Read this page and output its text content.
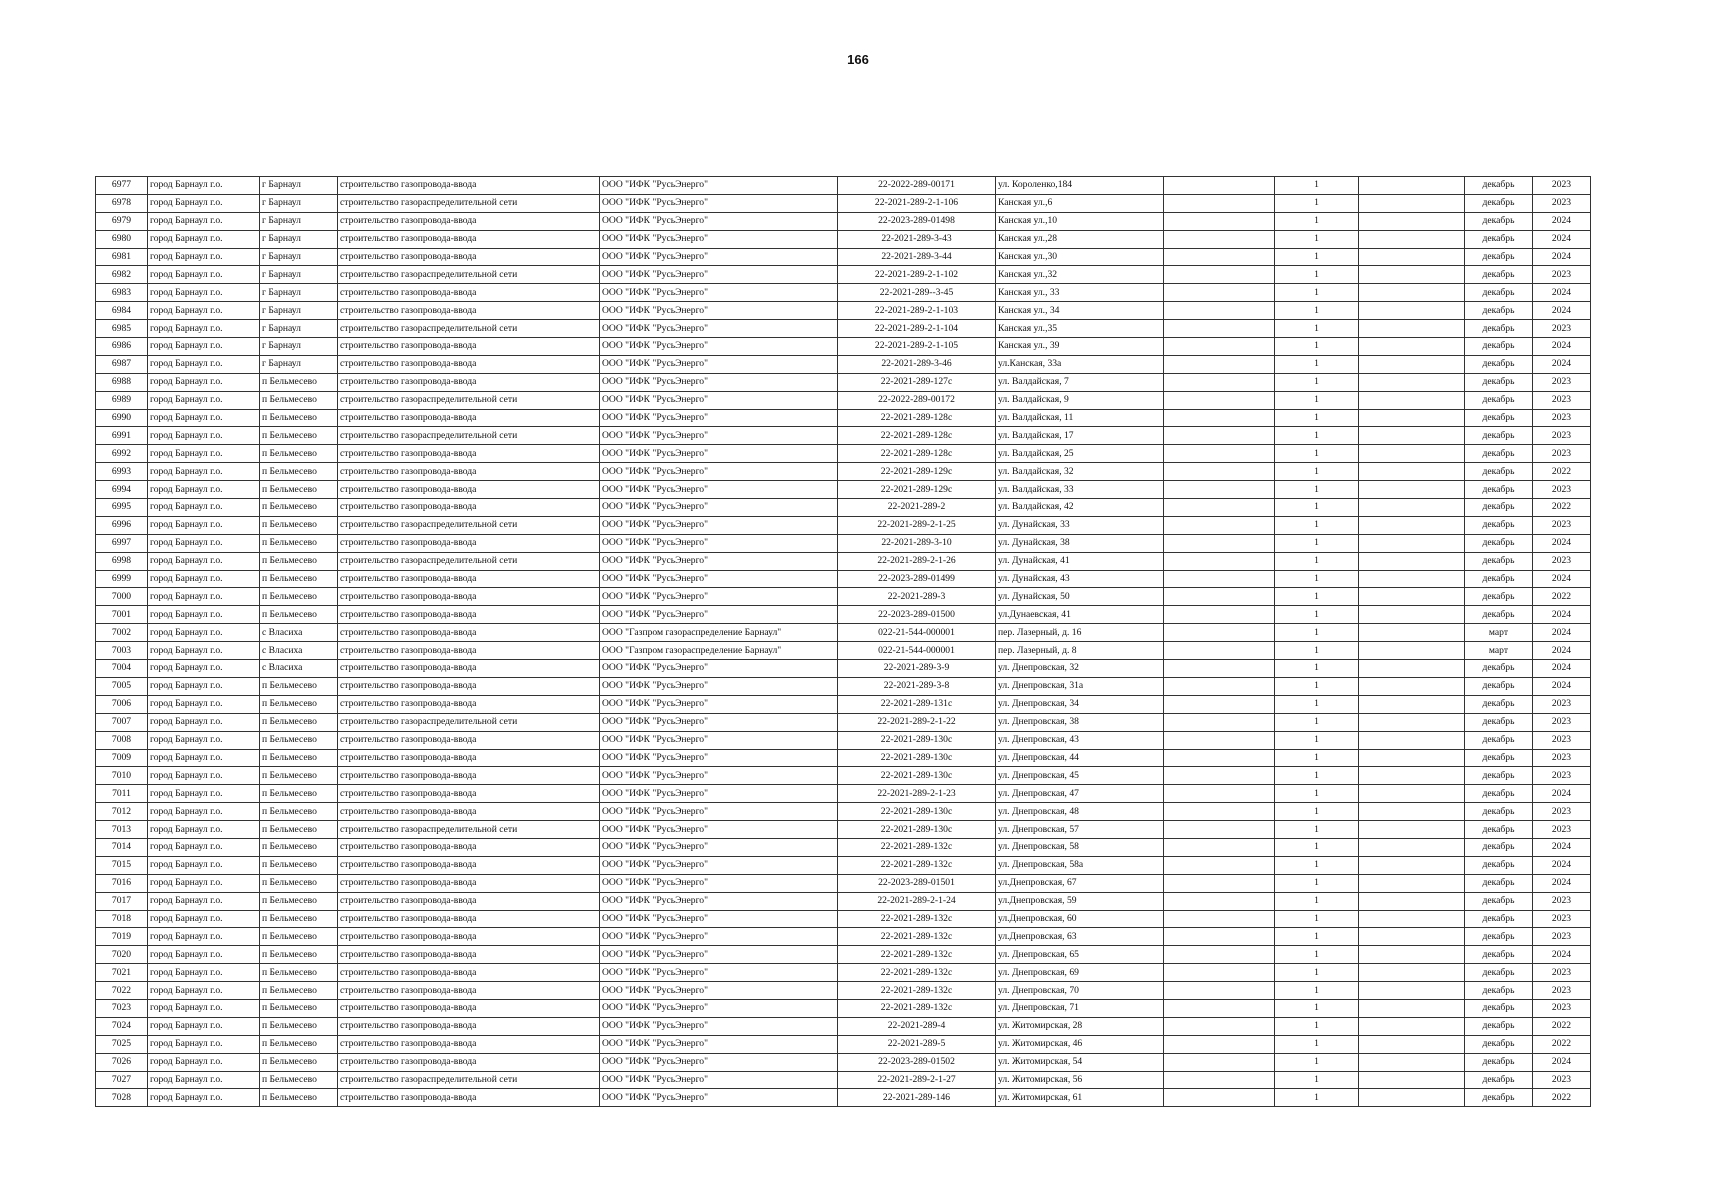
166
6977	город Барнаул г.о.	г Барнаул	строительство газопровода-ввода	ООО "ИФК "РусьЭнерго"	22-2022-289-00171	ул. Короленко,184		1		декабрь	2023
6978	город Барнаул г.о.	г Барнаул	строительство газораспределительной сети	ООО "ИФК "РусьЭнерго"	22-2021-289-2-1-106	Канская ул.,6		1		декабрь	2023
6979	город Барнаул г.о.	г Барнаул	строительство газопровода-ввода	ООО "ИФК "РусьЭнерго"	22-2023-289-01498	Канская ул.,10		1		декабрь	2024
6980	город Барнаул г.о.	г Барнаул	строительство газопровода-ввода	ООО "ИФК "РусьЭнерго"	22-2021-289-3-43	Канская ул.,28		1		декабрь	2024
6981	город Барнаул г.о.	г Барнаул	строительство газопровода-ввода	ООО "ИФК "РусьЭнерго"	22-2021-289-3-44	Канская ул.,30		1		декабрь	2024
6982	город Барнаул г.о.	г Барнаул	строительство газораспределительной сети	ООО "ИФК "РусьЭнерго"	22-2021-289-2-1-102	Канская ул.,32		1		декабрь	2023
6983	город Барнаул г.о.	г Барнаул	строительство газопровода-ввода	ООО "ИФК "РусьЭнерго"	22-2021-289--3-45	Канская ул., 33		1		декабрь	2024
6984	город Барнаул г.о.	г Барнаул	строительство газопровода-ввода	ООО "ИФК "РусьЭнерго"	22-2021-289-2-1-103	Канская ул., 34		1		декабрь	2024
6985	город Барнаул г.о.	г Барнаул	строительство газораспределительной сети	ООО "ИФК "РусьЭнерго"	22-2021-289-2-1-104	Канская ул.,35		1		декабрь	2023
6986	город Барнаул г.о.	г Барнаул	строительство газопровода-ввода	ООО "ИФК "РусьЭнерго"	22-2021-289-2-1-105	Канская ул., 39		1		декабрь	2024
6987	город Барнаул г.о.	г Барнаул	строительство газопровода-ввода	ООО "ИФК "РусьЭнерго"	22-2021-289-3-46	ул.Канская, 33а		1		декабрь	2024
6988	город Барнаул г.о.	п Бельмесево	строительство газопровода-ввода	ООО "ИФК "РусьЭнерго"	22-2021-289-127с	ул. Валдайская, 7		1		декабрь	2023
6989	город Барнаул г.о.	п Бельмесево	строительство газораспределительной сети	ООО "ИФК "РусьЭнерго"	22-2022-289-00172	ул. Валдайская, 9		1		декабрь	2023
6990	город Барнаул г.о.	п Бельмесево	строительство газопровода-ввода	ООО "ИФК "РусьЭнерго"	22-2021-289-128с	ул. Валдайская, 11		1		декабрь	2023
6991	город Барнаул г.о.	п Бельмесево	строительство газораспределительной сети	ООО "ИФК "РусьЭнерго"	22-2021-289-128с	ул. Валдайская, 17		1		декабрь	2023
6992	город Барнаул г.о.	п Бельмесево	строительство газопровода-ввода	ООО "ИФК "РусьЭнерго"	22-2021-289-128с	ул. Валдайская, 25		1		декабрь	2023
6993	город Барнаул г.о.	п Бельмесево	строительство газопровода-ввода	ООО "ИФК "РусьЭнерго"	22-2021-289-129с	ул. Валдайская, 32		1		декабрь	2022
6994	город Барнаул г.о.	п Бельмесево	строительство газопровода-ввода	ООО "ИФК "РусьЭнерго"	22-2021-289-129с	ул. Валдайская, 33		1		декабрь	2023
6995	город Барнаул г.о.	п Бельмесево	строительство газопровода-ввода	ООО "ИФК "РусьЭнерго"	22-2021-289-2	ул. Валдайская, 42		1		декабрь	2022
6996	город Барнаул г.о.	п Бельмесево	строительство газораспределительной сети	ООО "ИФК "РусьЭнерго"	22-2021-289-2-1-25	ул. Дунайская, 33		1		декабрь	2023
6997	город Барнаул г.о.	п Бельмесево	строительство газопровода-ввода	ООО "ИФК "РусьЭнерго"	22-2021-289-3-10	ул. Дунайская, 38		1		декабрь	2024
6998	город Барнаул г.о.	п Бельмесево	строительство газораспределительной сети	ООО "ИФК "РусьЭнерго"	22-2021-289-2-1-26	ул. Дунайская, 41		1		декабрь	2023
6999	город Барнаул г.о.	п Бельмесево	строительство газопровода-ввода	ООО "ИФК "РусьЭнерго"	22-2023-289-01499	ул. Дунайская, 43		1		декабрь	2024
7000	город Барнаул г.о.	п Бельмесево	строительство газопровода-ввода	ООО "ИФК "РусьЭнерго"	22-2021-289-3	ул. Дунайская, 50		1		декабрь	2022
7001	город Барнаул г.о.	п Бельмесево	строительство газопровода-ввода	ООО "ИФК "РусьЭнерго"	22-2023-289-01500	ул.Дунаевская, 41		1		декабрь	2024
7002	город Барнаул г.о.	с Власиха	строительство газопровода-ввода	ООО "Газпром газораспределение Барнаул"	022-21-544-000001	пер. Лазерный, д. 16		1		март	2024
7003	город Барнаул г.о.	с Власиха	строительство газопровода-ввода	ООО "Газпром газораспределение Барнаул"	022-21-544-000001	пер. Лазерный, д. 8		1		март	2024
7004	город Барнаул г.о.	с Власиха	строительство газопровода-ввода	ООО "ИФК "РусьЭнерго"	22-2021-289-3-9	ул. Днепровская, 32		1		декабрь	2024
7005	город Барнаул г.о.	п Бельмесево	строительство газопровода-ввода	ООО "ИФК "РусьЭнерго"	22-2021-289-3-8	ул. Днепровская, 31а		1		декабрь	2024
7006	город Барнаул г.о.	п Бельмесево	строительство газопровода-ввода	ООО "ИФК "РусьЭнерго"	22-2021-289-131с	ул. Днепровская, 34		1		декабрь	2023
7007	город Барнаул г.о.	п Бельмесево	строительство газораспределительной сети	ООО "ИФК "РусьЭнерго"	22-2021-289-2-1-22	ул. Днепровская, 38		1		декабрь	2023
7008	город Барнаул г.о.	п Бельмесево	строительство газопровода-ввода	ООО "ИФК "РусьЭнерго"	22-2021-289-130с	ул. Днепровская, 43		1		декабрь	2023
7009	город Барнаул г.о.	п Бельмесево	строительство газопровода-ввода	ООО "ИФК "РусьЭнерго"	22-2021-289-130с	ул. Днепровская, 44		1		декабрь	2023
7010	город Барнаул г.о.	п Бельмесево	строительство газопровода-ввода	ООО "ИФК "РусьЭнерго"	22-2021-289-130с	ул. Днепровская, 45		1		декабрь	2023
7011	город Барнаул г.о.	п Бельмесево	строительство газопровода-ввода	ООО "ИФК "РусьЭнерго"	22-2021-289-2-1-23	ул. Днепровская, 47		1		декабрь	2024
7012	город Барнаул г.о.	п Бельмесево	строительство газопровода-ввода	ООО "ИФК "РусьЭнерго"	22-2021-289-130с	ул. Днепровская, 48		1		декабрь	2023
7013	город Барнаул г.о.	п Бельмесево	строительство газораспределительной сети	ООО "ИФК "РусьЭнерго"	22-2021-289-130с	ул. Днепровская, 57		1		декабрь	2023
7014	город Барнаул г.о.	п Бельмесево	строительство газопровода-ввода	ООО "ИФК "РусьЭнерго"	22-2021-289-132с	ул. Днепровская, 58		1		декабрь	2024
7015	город Барнаул г.о.	п Бельмесево	строительство газопровода-ввода	ООО "ИФК "РусьЭнерго"	22-2021-289-132с	ул. Днепровская, 58а		1		декабрь	2024
7016	город Барнаул г.о.	п Бельмесево	строительство газопровода-ввода	ООО "ИФК "РусьЭнерго"	22-2023-289-01501	ул.Днепровская, 67		1		декабрь	2024
7017	город Барнаул г.о.	п Бельмесево	строительство газопровода-ввода	ООО "ИФК "РусьЭнерго"	22-2021-289-2-1-24	ул.Днепровская, 59		1		декабрь	2023
7018	город Барнаул г.о.	п Бельмесево	строительство газопровода-ввода	ООО "ИФК "РусьЭнерго"	22-2021-289-132с	ул.Днепровская, 60		1		декабрь	2023
7019	город Барнаул г.о.	п Бельмесево	строительство газопровода-ввода	ООО "ИФК "РусьЭнерго"	22-2021-289-132с	ул.Днепровская, 63		1		декабрь	2023
7020	город Барнаул г.о.	п Бельмесево	строительство газопровода-ввода	ООО "ИФК "РусьЭнерго"	22-2021-289-132с	ул. Днепровская, 65		1		декабрь	2024
7021	город Барнаул г.о.	п Бельмесево	строительство газопровода-ввода	ООО "ИФК "РусьЭнерго"	22-2021-289-132с	ул. Днепровская, 69		1		декабрь	2023
7022	город Барнаул г.о.	п Бельмесево	строительство газопровода-ввода	ООО "ИФК "РусьЭнерго"	22-2021-289-132с	ул. Днепровская, 70		1		декабрь	2023
7023	город Барнаул г.о.	п Бельмесево	строительство газопровода-ввода	ООО "ИФК "РусьЭнерго"	22-2021-289-132с	ул. Днепровская, 71		1		декабрь	2023
7024	город Барнаул г.о.	п Бельмесево	строительство газопровода-ввода	ООО "ИФК "РусьЭнерго"	22-2021-289-4	ул. Житомирская, 28		1		декабрь	2022
7025	город Барнаул г.о.	п Бельмесево	строительство газопровода-ввода	ООО "ИФК "РусьЭнерго"	22-2021-289-5	ул. Житомирская, 46		1		декабрь	2022
7026	город Барнаул г.о.	п Бельмесево	строительство газопровода-ввода	ООО "ИФК "РусьЭнерго"	22-2023-289-01502	ул. Житомирская, 54		1		декабрь	2024
7027	город Барнаул г.о.	п Бельмесево	строительство газораспределительной сети	ООО "ИФК "РусьЭнерго"	22-2021-289-2-1-27	ул. Житомирская, 56		1		декабрь	2023
7028	город Барнаул г.о.	п Бельмесево	строительство газопровода-ввода	ООО "ИФК "РусьЭнерго"	22-2021-289-146	ул. Житомирская, 61		1		декабрь	2022
